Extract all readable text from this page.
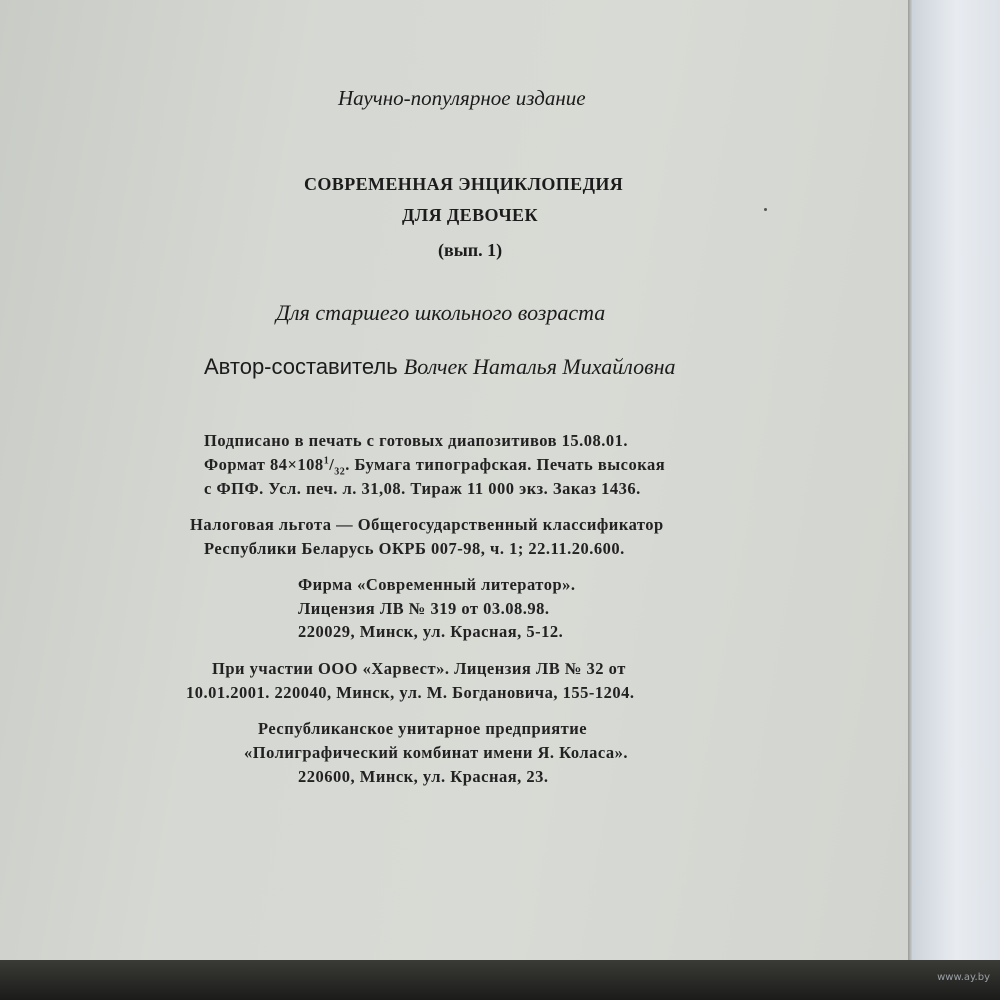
Научно-популярное издание
СОВРЕМЕННАЯ ЭНЦИКЛОПЕДИЯ
ДЛЯ ДЕВОЧЕК
(вып. 1)
Для старшего школьного возраста
Автор-составитель Волчек Наталья Михайловна
Подписано в печать с готовых диапозитивов 15.08.01.
Формат $84\times 108^1/_{32}$. Бумага типографская. Печать высокая
с ФПФ. Усл. печ. л. 31,08. Тираж 11 000 экз. Заказ 1436.
Налоговая льгота — Общегосударственный классификатор
Республики Беларусь ОКРБ 007-98, ч. 1; 22.11.20.600.
Фирма «Современный литератор».
Лицензия ЛВ № 319 от 03.08.98.
220029, Минск, ул. Красная, 5-12.
При участии ООО «Харвест». Лицензия ЛВ № 32 от
10.01.2001. 220040, Минск, ул. М. Богдановича, 155-1204.
Республиканское унитарное предприятие
«Полиграфический комбинат имени Я. Коласа».
220600, Минск, ул. Красная, 23.
www.ay.by
